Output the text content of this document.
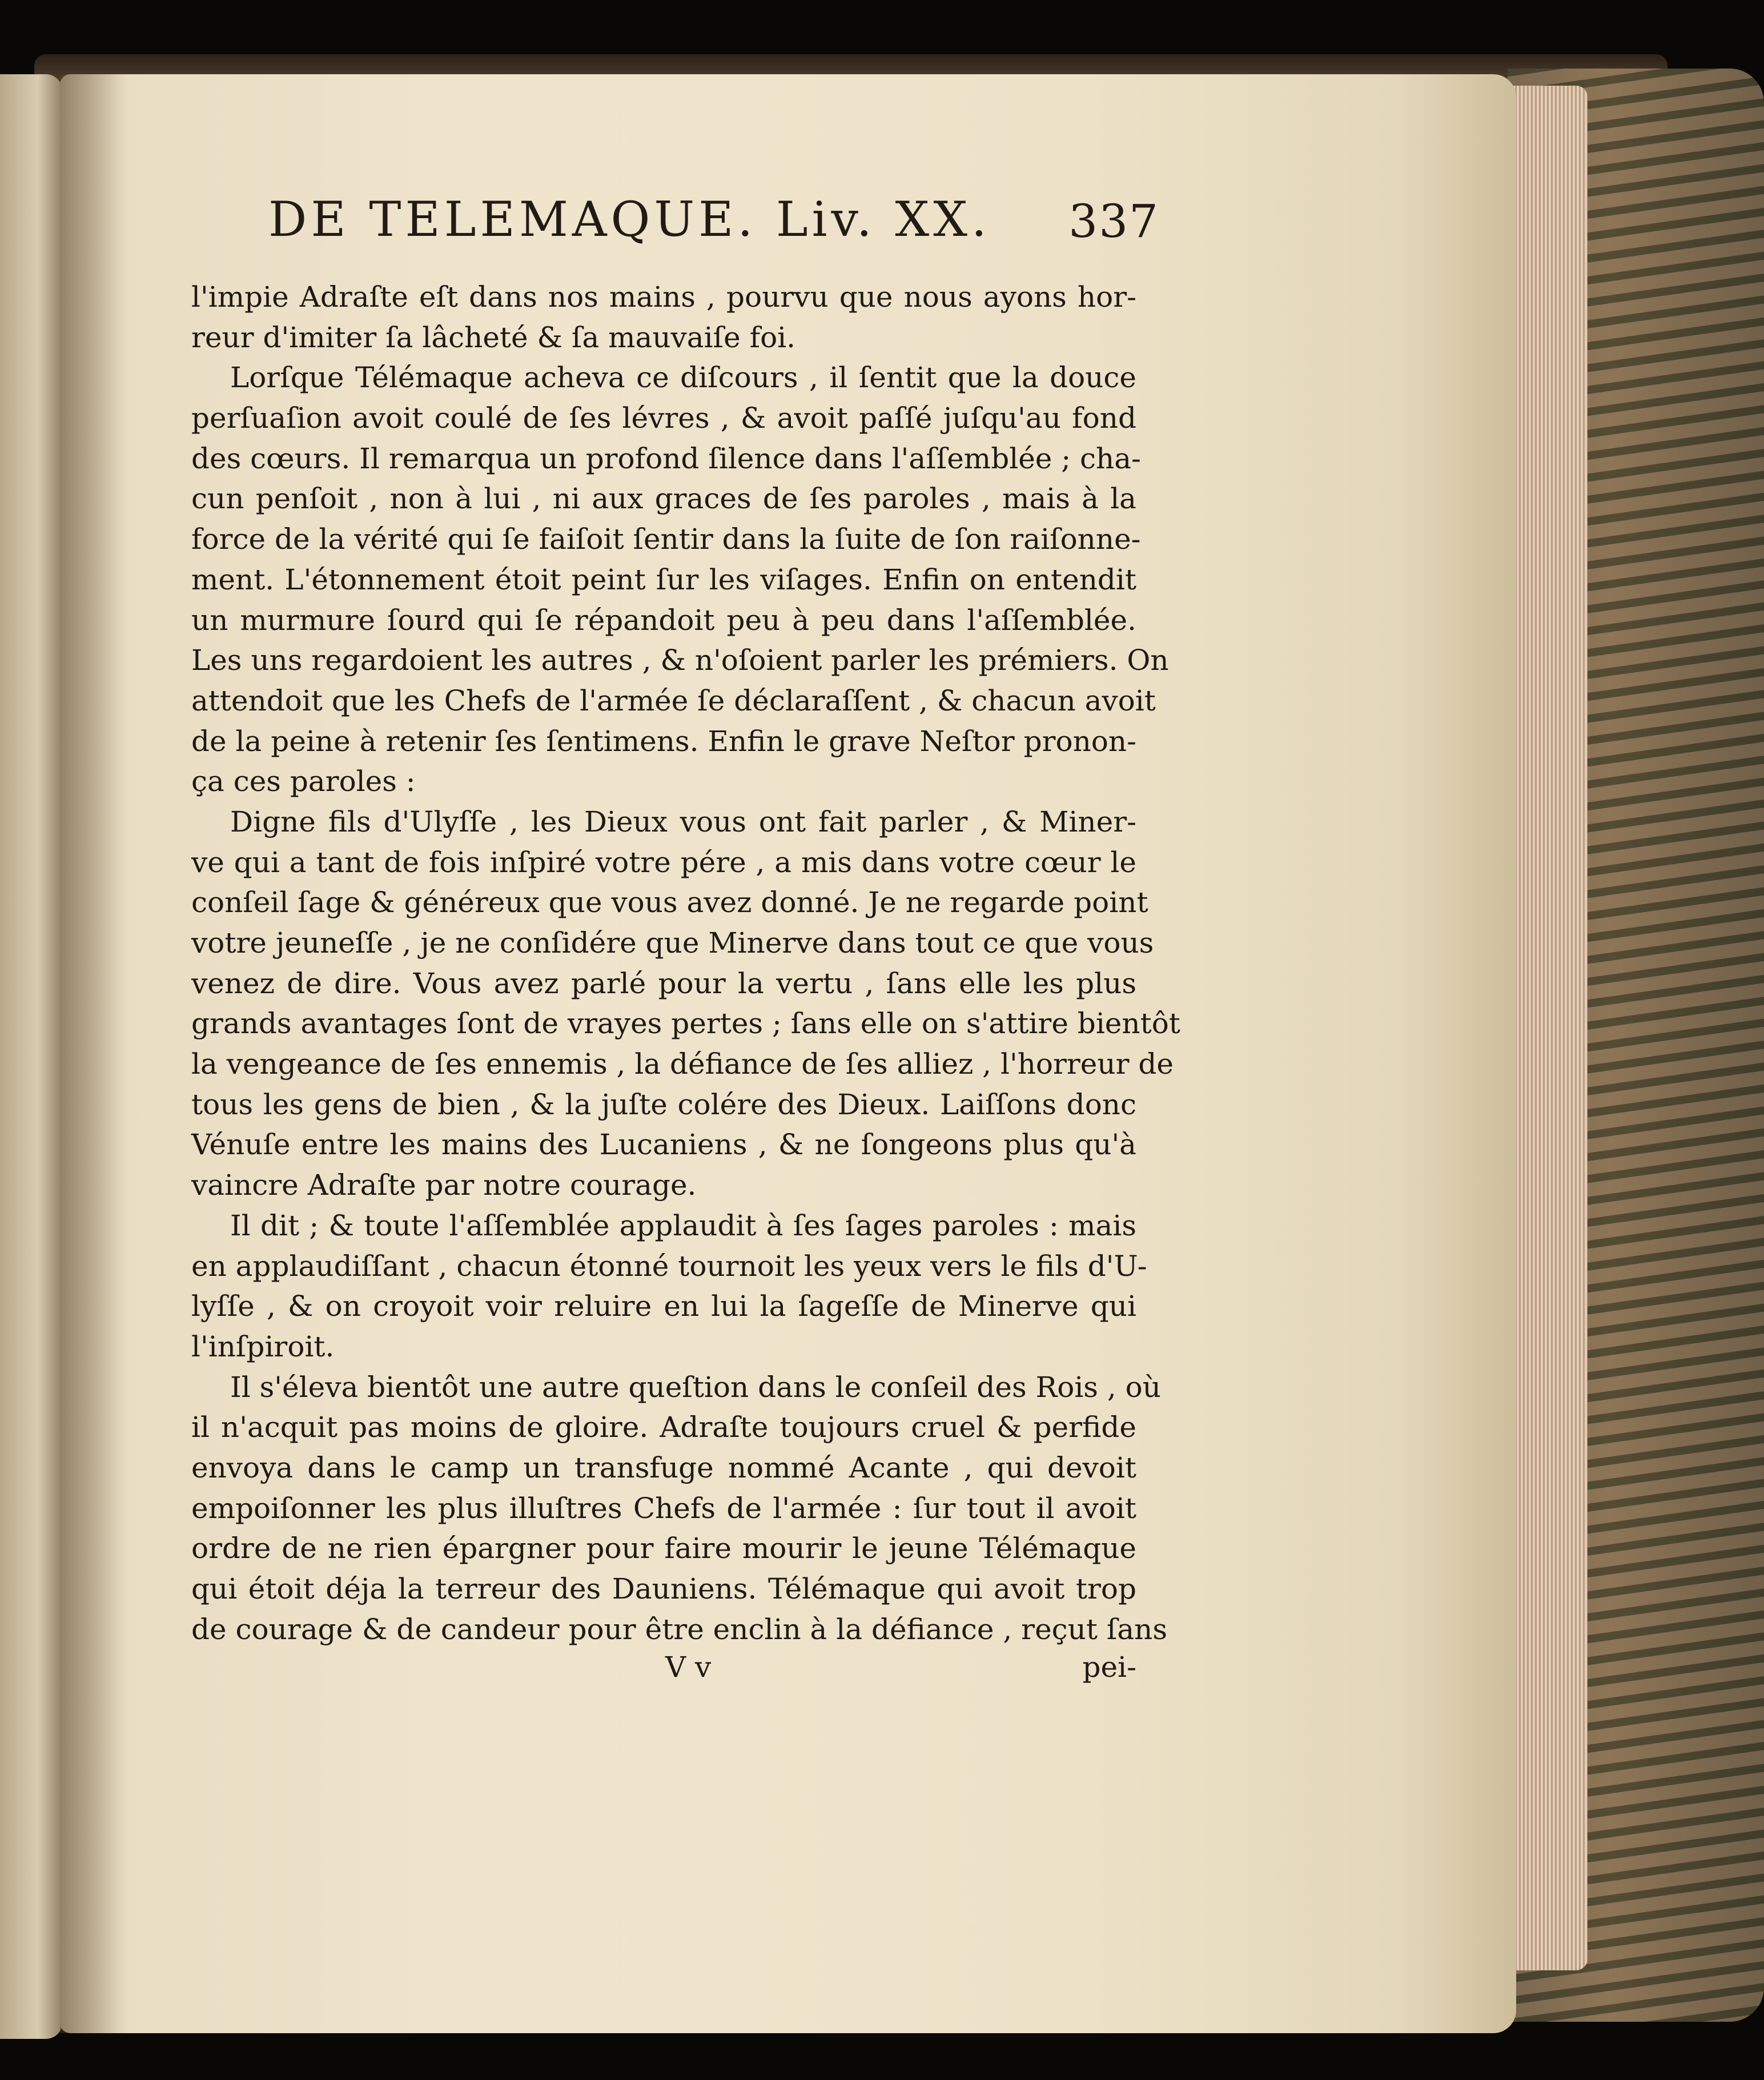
DE TELEMAQUE. Liv. XX. 337
l'impie Adraſte eſt dans nos mains , pourvu que nous ayons hor-
reur d'imiter ſa lâcheté & ſa mauvaiſe foi.
Lorſque Télémaque acheva ce diſcours , il ſentit que la douce
perſuaſion avoit coulé de ſes lévres , & avoit paſſé juſqu'au fond
des cœurs. Il remarqua un profond ſilence dans l'aſſemblée ; cha-
cun penſoit , non à lui , ni aux graces de ſes paroles , mais à la
force de la vérité qui ſe faiſoit ſentir dans la ſuite de ſon raiſonne-
ment. L'étonnement étoit peint ſur les viſages. Enfin on entendit
un murmure ſourd qui ſe répandoit peu à peu dans l'aſſemblée.
Les uns regardoient les autres , & n'oſoient parler les prémiers. On
attendoit que les Chefs de l'armée ſe déclaraſſent , & chacun avoit
de la peine à retenir ſes ſentimens. Enfin le grave Neſtor pronon-
ça ces paroles :
Digne fils d'Ulyſſe , les Dieux vous ont fait parler , & Miner-
ve qui a tant de fois inſpiré votre pére , a mis dans votre cœur le
conſeil ſage & généreux que vous avez donné. Je ne regarde point
votre jeuneſſe , je ne conſidére que Minerve dans tout ce que vous
venez de dire. Vous avez parlé pour la vertu , ſans elle les plus
grands avantages ſont de vrayes pertes ; ſans elle on s'attire bientôt
la vengeance de ſes ennemis , la défiance de ſes alliez , l'horreur de
tous les gens de bien , & la juſte colére des Dieux. Laiſſons donc
Vénuſe entre les mains des Lucaniens , & ne ſongeons plus qu'à
vaincre Adraſte par notre courage.
Il dit ; & toute l'aſſemblée applaudit à ſes ſages paroles : mais
en applaudiſſant , chacun étonné tournoit les yeux vers le fils d'U-
lyſſe , & on croyoit voir reluire en lui la ſageſſe de Minerve qui
l'inſpiroit.
Il s'éleva bientôt une autre queſtion dans le conſeil des Rois , où
il n'acquit pas moins de gloire. Adraſte toujours cruel & perfide
envoya dans le camp un transfuge nommé Acante , qui devoit
empoiſonner les plus illuſtres Chefs de l'armée : ſur tout il avoit
ordre de ne rien épargner pour faire mourir le jeune Télémaque
qui étoit déja la terreur des Dauniens. Télémaque qui avoit trop
de courage & de candeur pour être enclin à la défiance , reçut ſans
V v	pei-
